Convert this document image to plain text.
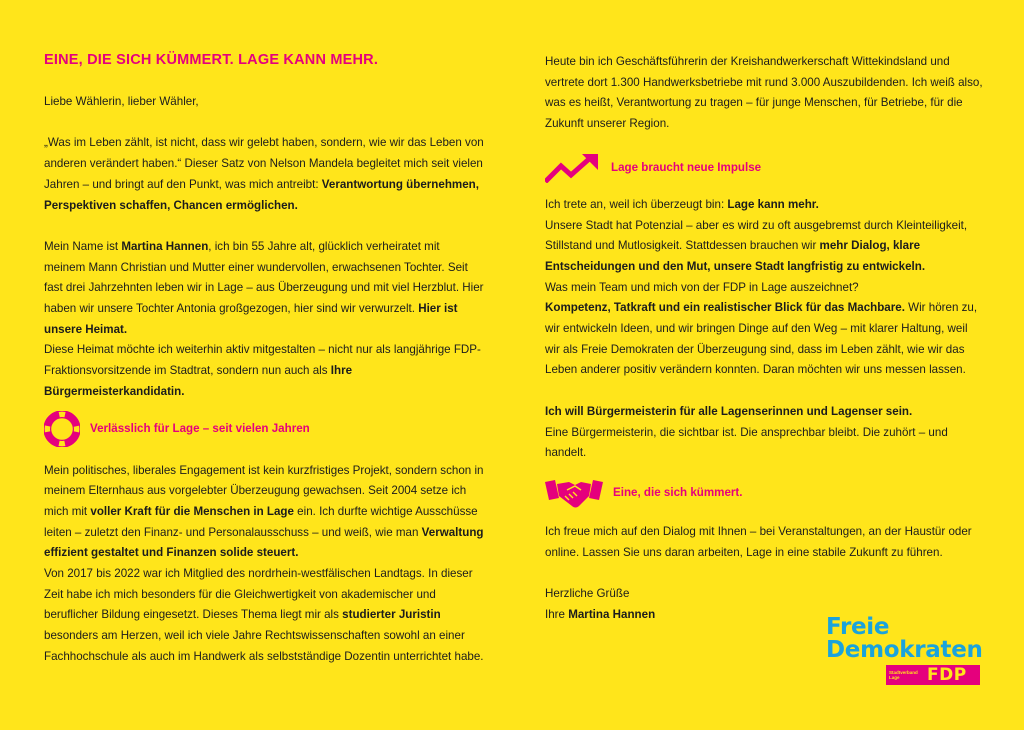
EINE, DIE SICH KÜMMERT. LAGE KANN MEHR.

Liebe Wählerin, lieber Wähler,

„Was im Leben zählt, ist nicht, dass wir gelebt haben, sondern, wie wir das Leben von anderen verändert haben.“ Dieser Satz von Nelson Mandela begleitet mich seit vielen Jahren – und bringt auf den Punkt, was mich antreibt: Verantwortung übernehmen, Perspektiven schaffen, Chancen ermöglichen.

Mein Name ist Martina Hannen, ich bin 55 Jahre alt, glücklich verheiratet mit meinem Mann Christian und Mutter einer wundervollen, erwachsenen Tochter. Seit fast drei Jahrzehnten leben wir in Lage – aus Überzeugung und mit viel Herzblut. Hier haben wir unsere Tochter Antonia großgezogen, hier sind wir verwurzelt. Hier ist unsere Heimat.

Diese Heimat möchte ich weiterhin aktiv mitgestalten – nicht nur als langjährige FDP-Fraktionsvorsitzende im Stadtrat, sondern nun auch als Ihre Bürgermeisterkandidatin.

Verlässlich für Lage – seit vielen Jahren

Mein politisches, liberales Engagement ist kein kurzfristiges Projekt, sondern schon in meinem Elternhaus aus vorgelebter Überzeugung gewachsen. Seit 2004 setze ich mich mit voller Kraft für die Menschen in Lage ein. Ich durfte wichtige Ausschüsse leiten – zuletzt den Finanz- und Personalausschuss – und weiß, wie man Verwaltung effizient gestaltet und Finanzen solide steuert.

Von 2017 bis 2022 war ich Mitglied des nordrhein-westfälischen Landtags. In dieser Zeit habe ich mich besonders für die Gleichwertigkeit von akademischer und beruflicher Bildung eingesetzt. Dieses Thema liegt mir als studierter Juristin besonders am Herzen, weil ich viele Jahre Rechtswissenschaften sowohl an einer Fachhochschule als auch im Handwerk als selbstständige Dozentin unterrichtet habe.

Heute bin ich Geschäftsführerin der Kreishandwerkerschaft Wittekindsland und vertrete dort 1.300 Handwerksbetriebe mit rund 3.000 Auszubildenden. Ich weiß also, was es heißt, Verantwortung zu tragen – für junge Menschen, für Betriebe, für die Zukunft unserer Region.

Lage braucht neue Impulse

Ich trete an, weil ich überzeugt bin: Lage kann mehr.

Unsere Stadt hat Potenzial – aber es wird zu oft ausgebremst durch Kleinteiligkeit, Stillstand und Mutlosigkeit. Stattdessen brauchen wir mehr Dialog, klare Entscheidungen und den Mut, unsere Stadt langfristig zu entwickeln.

Was mein Team und mich von der FDP in Lage auszeichnet?

Kompetenz, Tatkraft und ein realistischer Blick für das Machbare. Wir hören zu, wir entwickeln Ideen, und wir bringen Dinge auf den Weg – mit klarer Haltung, weil wir als Freie Demokraten der Überzeugung sind, dass im Leben zählt, wie wir das Leben anderer positiv verändern konnten. Daran möchten wir uns messen lassen.

Ich will Bürgermeisterin für alle Lagenserinnen und Lagenser sein.

Eine Bürgermeisterin, die sichtbar ist. Die ansprechbar bleibt. Die zuhört – und handelt.

Eine, die sich kümmert.

Ich freue mich auf den Dialog mit Ihnen – bei Veranstaltungen, an der Haustür oder online. Lassen Sie uns daran arbeiten, Lage in eine stabile Zukunft zu führen.

Herzliche Grüße

Ihre Martina Hannen	Freie
Demokraten
Stadtverband Lage	FDP
